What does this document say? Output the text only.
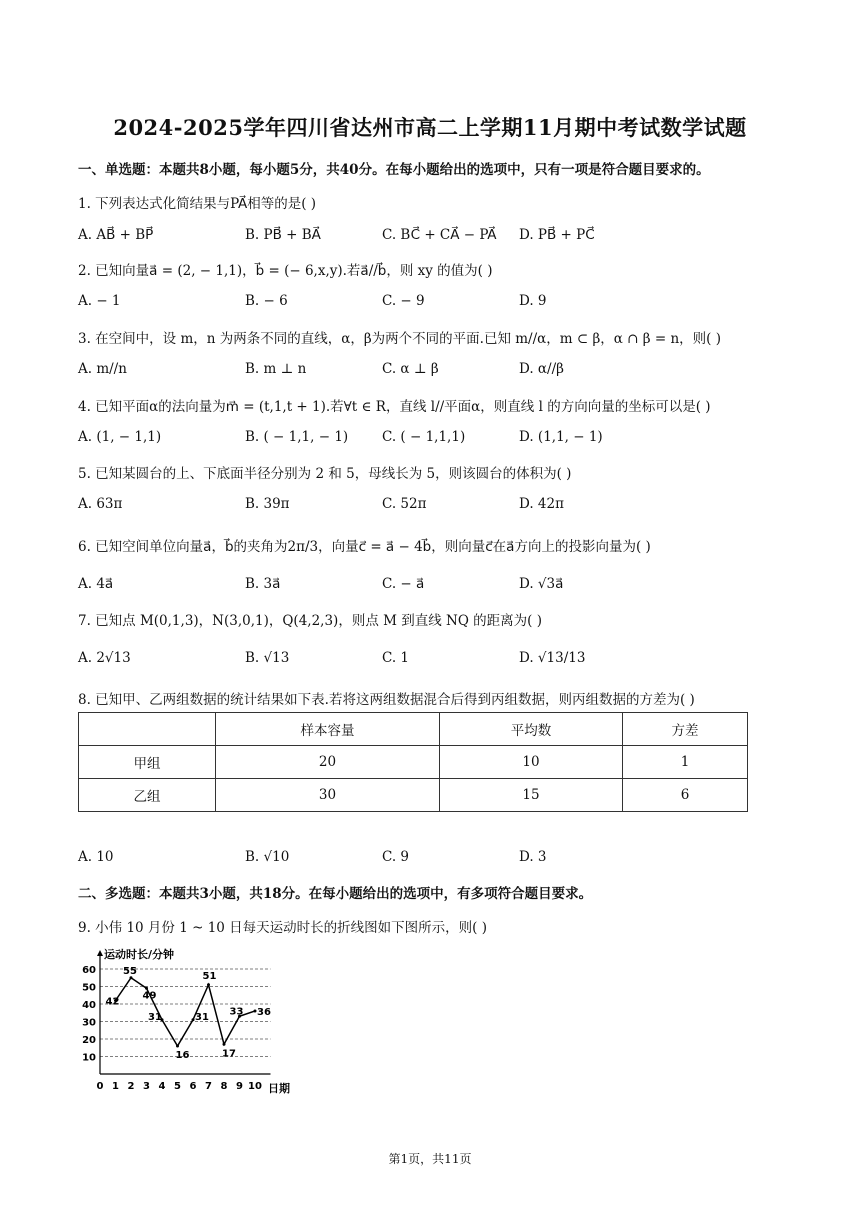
2024-2025学年四川省达州市高二上学期11月期中考试数学试题
一、单选题：本题共8小题，每小题5分，共40分。在每小题给出的选项中，只有一项是符合题目要求的。
1. 下列表达式化简结果与PA⃗相等的是( )
A. AB⃗ + BP⃗	B. PB⃗ + BA⃗	C. BC⃗ + CA⃗ − PA⃗ D. PB⃗ + PC⃗
2. 已知向量a⃗ = (2, − 1,1)，b⃗ = (− 6,x,y).若a⃗//b⃗，则 xy 的值为( )
A. − 1	B. − 6	C. − 9	D. 9
3. 在空间中，设 m，n 为两条不同的直线，α，β为两个不同的平面.已知 m//α，m ⊂ β，α ∩ β = n，则( )
A. m//n	B. m ⊥ n	C. α ⊥ β	D. α//β
4. 已知平面α的法向量为m⃗ = (t,1,t + 1).若∀t ∈ R，直线 l//平面α，则直线 l 的方向向量的坐标可以是( )
A. (1, − 1,1)	B. ( − 1,1, − 1)	C. ( − 1,1,1)	D. (1,1, − 1)
5. 已知某圆台的上、下底面半径分别为 2 和 5，母线长为 5，则该圆台的体积为( )
A. 63π	B. 39π	C. 52π	D. 42π
6. 已知空间单位向量a⃗，b⃗的夹角为2π/3，向量c⃗ = a⃗ − 4b⃗，则向量c⃗在a⃗方向上的投影向量为( )
A. 4a⃗	B. 3a⃗	C. − a⃗	D. √3a⃗
7. 已知点 M(0,1,3)，N(3,0,1)，Q(4,2,3)，则点 M 到直线 NQ 的距离为( )
A. 2√13	B. √13	C. 1	D. √13/13
8. 已知甲、乙两组数据的统计结果如下表.若将这两组数据混合后得到丙组数据，则丙组数据的方差为( )
	样本容量	平均数	方差
甲组	20	10	1
乙组	30	15	6
A. 10	B. √10	C. 9	D. 3
二、多选题：本题共3小题，共18分。在每小题给出的选项中，有多项符合题目要求。
9. 小伟 10 月份 1 ~ 10 日每天运动时长的折线图如下图所示，则( )
运动时长/分钟
日期
10
20
30
40
50
60
0 1 2 3 4 5 6 7 8 9 10
42
55
49
31
16
31
51
17
33 36
第1页，共11页
